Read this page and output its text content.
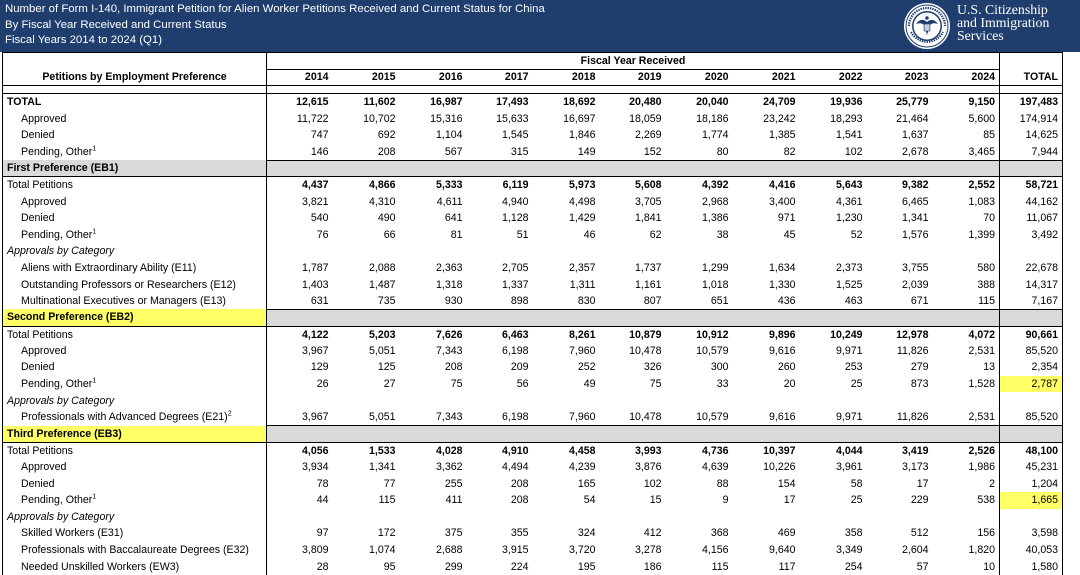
Number of Form I-140, Immigrant Petition for Alien Worker Petitions Received and Current Status for China
By Fiscal Year Received and Current Status
Fiscal Years 2014 to 2024 (Q1)
U.S. Citizenship
and Immigration
Services
	Fiscal Year Received											
Petitions by Employment Preference	2014	2015	2016	2017	2018	2019	2020	2021	2022	2023	2024	TOTAL

TOTAL	12,615	11,602	16,987	17,493	18,692	20,480	20,040	24,709	19,936	25,779	9,150	197,483
Approved	11,722	10,702	15,316	15,633	16,697	18,059	18,186	23,242	18,293	21,464	5,600	174,914
Denied	747	692	1,104	1,545	1,846	2,269	1,774	1,385	1,541	1,637	85	14,625
Pending, Other$^1$	146	208	567	315	149	152	80	82	102	2,678	3,465	7,944
First Preference (EB1)												
Total Petitions	4,437	4,866	5,333	6,119	5,973	5,608	4,392	4,416	5,643	9,382	2,552	58,721
Approved	3,821	4,310	4,611	4,940	4,498	3,705	2,968	3,400	4,361	6,465	1,083	44,162
Denied	540	490	641	1,128	1,429	1,841	1,386	971	1,230	1,341	70	11,067
Pending, Other$^1$	76	66	81	51	46	62	38	45	52	1,576	1,399	3,492
Approvals by Category												
Aliens with Extraordinary Ability (E11)	1,787	2,088	2,363	2,705	2,357	1,737	1,299	1,634	2,373	3,755	580	22,678
Outstanding Professors or Researchers (E12)	1,403	1,487	1,318	1,337	1,311	1,161	1,018	1,330	1,525	2,039	388	14,317
Multinational Executives or Managers (E13)	631	735	930	898	830	807	651	436	463	671	115	7,167
Second Preference (EB2)												
Total Petitions	4,122	5,203	7,626	6,463	8,261	10,879	10,912	9,896	10,249	12,978	4,072	90,661
Approved	3,967	5,051	7,343	6,198	7,960	10,478	10,579	9,616	9,971	11,826	2,531	85,520
Denied	129	125	208	209	252	326	300	260	253	279	13	2,354
Pending, Other$^1$	26	27	75	56	49	75	33	20	25	873	1,528	2,787
Approvals by Category												
Professionals with Advanced Degrees $(E21)^2$	3,967	5,051	7,343	6,198	7,960	10,478	10,579	9,616	9,971	11,826	2,531	85,520
Third Preference (EB3)												
Total Petitions	4,056	1,533	4,028	4,910	4,458	3,993	4,736	10,397	4,044	3,419	2,526	48,100
Approved	3,934	1,341	3,362	4,494	4,239	3,876	4,639	10,226	3,961	3,173	1,986	45,231
Denied	78	77	255	208	165	102	88	154	58	17	2	1,204
Pending, Other$^1$	44	115	411	208	54	15	9	17	25	229	538	1,665
Approvals by Category												
Skilled Workers (E31)	97	172	375	355	324	412	368	469	358	512	156	3,598
Professionals with Baccalaureate Degrees (E32)	3,809	1,074	2,688	3,915	3,720	3,278	4,156	9,640	3,349	2,604	1,820	40,053
Needed Unskilled Workers (EW3)	28	95	299	224	195	186	115	117	254	57	10	1,580
